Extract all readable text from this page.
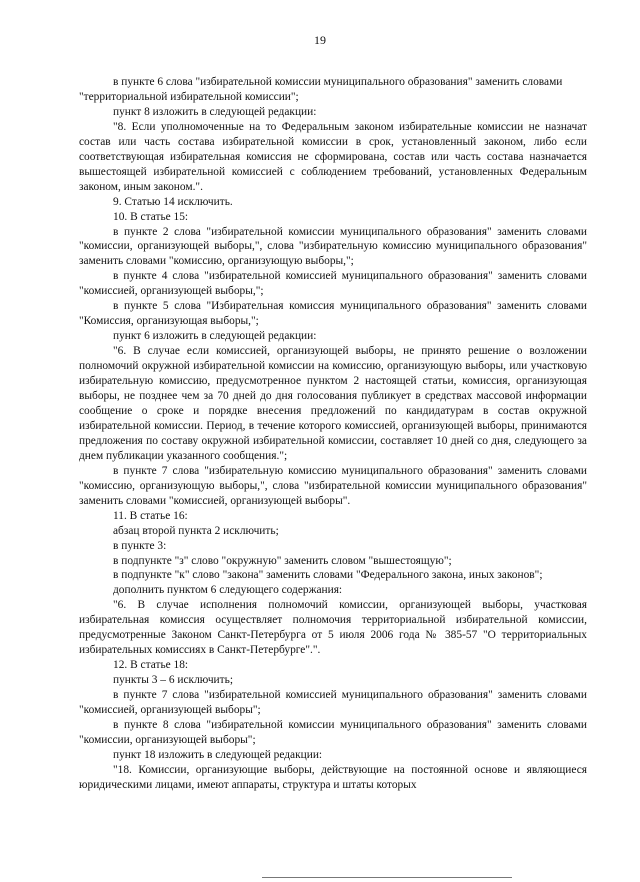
19

в пункте 6 слова "избирательной комиссии муниципального образования" заменить словами "территориальной избирательной комиссии";

пункт 8 изложить в следующей редакции:

"8. Если уполномоченные на то Федеральным законом избирательные комиссии не назначат состав или часть состава избирательной комиссии в срок, установленный законом, либо если соответствующая избирательная комиссия не сформирована, состав или часть состава назначается вышестоящей избирательной комиссией с соблюдением требований, установленных Федеральным законом, иным законом.".

9. Статью 14 исключить.

10. В статье 15:

в пункте 2 слова "избирательной комиссии муниципального образования" заменить словами "комиссии, организующей выборы,", слова "избирательную комиссию муниципального образования" заменить словами "комиссию, организующую выборы,";

в пункте 4 слова "избирательной комиссией муниципального образования" заменить словами "комиссией, организующей выборы,";

в пункте 5 слова "Избирательная комиссия муниципального образования" заменить словами "Комиссия, организующая выборы,";

пункт 6 изложить в следующей редакции:

"6. В случае если комиссией, организующей выборы, не принято решение о возложении полномочий окружной избирательной комиссии на комиссию, организующую выборы, или участковую избирательную комиссию, предусмотренное пунктом 2 настоящей статьи, комиссия, организующая выборы, не позднее чем за 70 дней до дня голосования публикует в средствах массовой информации сообщение о сроке и порядке внесения предложений по кандидатурам в состав окружной избирательной комиссии. Период, в течение которого комиссией, организующей выборы, принимаются предложения по составу окружной избирательной комиссии, составляет 10 дней со дня, следующего за днем публикации указанного сообщения.";

в пункте 7 слова "избирательную комиссию муниципального образования" заменить словами "комиссию, организующую выборы,", слова "избирательной комиссии муниципального образования" заменить словами "комиссией, организующей выборы".

11. В статье 16:

абзац второй пункта 2 исключить;

в пункте 3:

в подпункте "з" слово "окружную" заменить словом "вышестоящую";

в подпункте "к" слово "закона" заменить словами "Федерального закона, иных законов";

дополнить пунктом 6 следующего содержания:

"6. В случае исполнения полномочий комиссии, организующей выборы, участковая избирательная комиссия осуществляет полномочия территориальной избирательной комиссии, предусмотренные Законом Санкт-Петербурга от 5 июля 2006 года № 385-57 "О территориальных избирательных комиссиях в Санкт-Петербурге".".

12. В статье 18:

пункты 3 – 6 исключить;

в пункте 7 слова "избирательной комиссией муниципального образования" заменить словами "комиссией, организующей выборы";

в пункте 8 слова "избирательной комиссии муниципального образования" заменить словами "комиссии, организующей выборы";

пункт 18 изложить в следующей редакции:

"18. Комиссии, организующие выборы, действующие на постоянной основе и являющиеся юридическими лицами, имеют аппараты, структура и штаты которых
